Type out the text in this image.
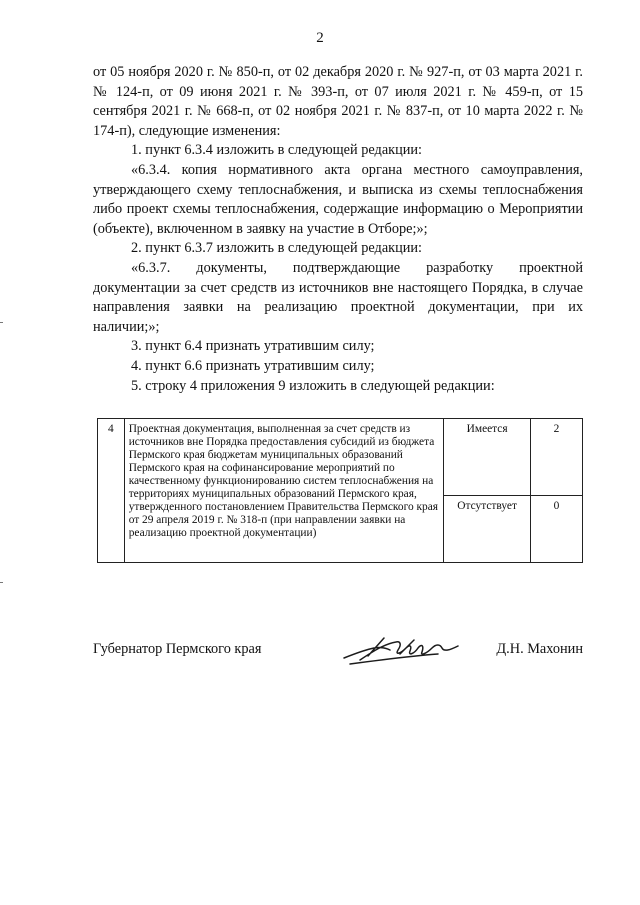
2

от 05 ноября 2020 г. № 850-п, от 02 декабря 2020 г. № 927-п, от 03 марта 2021 г. № 124-п, от 09 июня 2021 г. № 393-п, от 07 июля 2021 г. № 459-п, от 15 сентября 2021 г. № 668-п, от 02 ноября 2021 г. № 837-п, от 10 марта 2022 г. № 174-п), следующие изменения:

1. пункт 6.3.4 изложить в следующей редакции:

«6.3.4. копия нормативного акта органа местного самоуправления, утверждающего схему теплоснабжения, и выписка из схемы теплоснабжения либо проект схемы теплоснабжения, содержащие информацию о Мероприятии (объекте), включенном в заявку на участие в Отборе;»;

2. пункт 6.3.7 изложить в следующей редакции:

«6.3.7. документы, подтверждающие разработку проектной документации за счет средств из источников вне настоящего Порядка, в случае направления заявки на реализацию проектной документации, при их наличии;»;

3. пункт 6.4 признать утратившим силу;

4. пункт 6.6 признать утратившим силу;

5. строку 4 приложения 9 изложить в следующей редакции:

4	Проектная документация, выполненная за счет средств из источников вне Порядка предоставления субсидий из бюджета Пермского края бюджетам муниципальных образований Пермского края на софинансирование мероприятий по качественному функционированию систем теплоснабжения на территориях муниципальных образований Пермского края, утвержденного постановлением Правительства Пермского края от 29 апреля 2019 г. № 318-п (при направлении заявки на реализацию проектной документации)	Имеется	2
		Отсутствует	0
Губернатор Пермского края	Д.Н. Махонин
